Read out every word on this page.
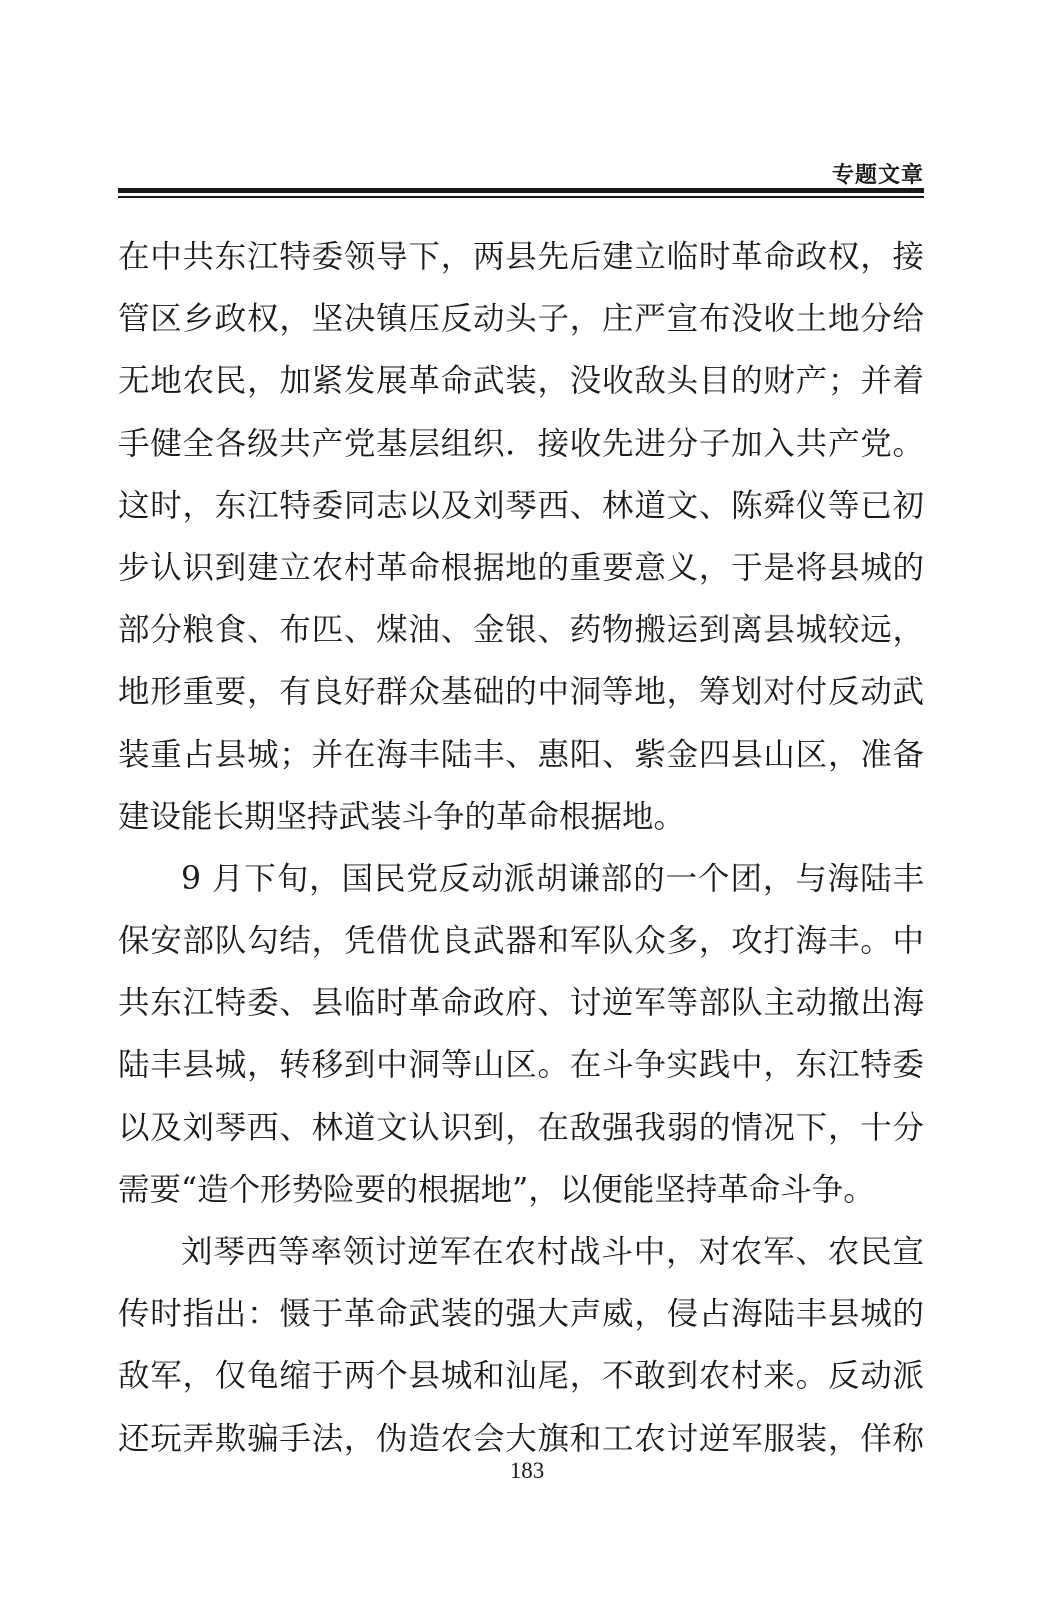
专题文章
在中共东江特委领导下，两县先后建立临时革命政权，接
管区乡政权，坚决镇压反动头子，庄严宣布没收土地分给
无地农民，加紧发展革命武装，没收敌头目的财产；并着
手健全各级共产党基层组织．接收先进分子加入共产党。
这时，东江特委同志以及刘琴西、林道文、陈舜仪等已初
步认识到建立农村革命根据地的重要意义，于是将县城的
部分粮食、布匹、煤油、金银、药物搬运到离县城较远，
地形重要，有良好群众基础的中洞等地，筹划对付反动武
装重占县城；并在海丰陆丰、惠阳、紫金四县山区，准备
建设能长期坚持武装斗争的革命根据地。
9 月下旬，国民党反动派胡谦部的一个团，与海陆丰
保安部队勾结，凭借优良武器和军队众多，攻打海丰。中
共东江特委、县临时革命政府、讨逆军等部队主动撤出海
陆丰县城，转移到中洞等山区。在斗争实践中，东江特委
以及刘琴西、林道文认识到，在敌强我弱的情况下，十分
需要“造个形势险要的根据地”，以便能坚持革命斗争。
刘琴西等率领讨逆军在农村战斗中，对农军、农民宣
传时指出：慑于革命武装的强大声威，侵占海陆丰县城的
敌军，仅龟缩于两个县城和汕尾，不敢到农村来。反动派
还玩弄欺骗手法，伪造农会大旗和工农讨逆军服装，佯称
183
